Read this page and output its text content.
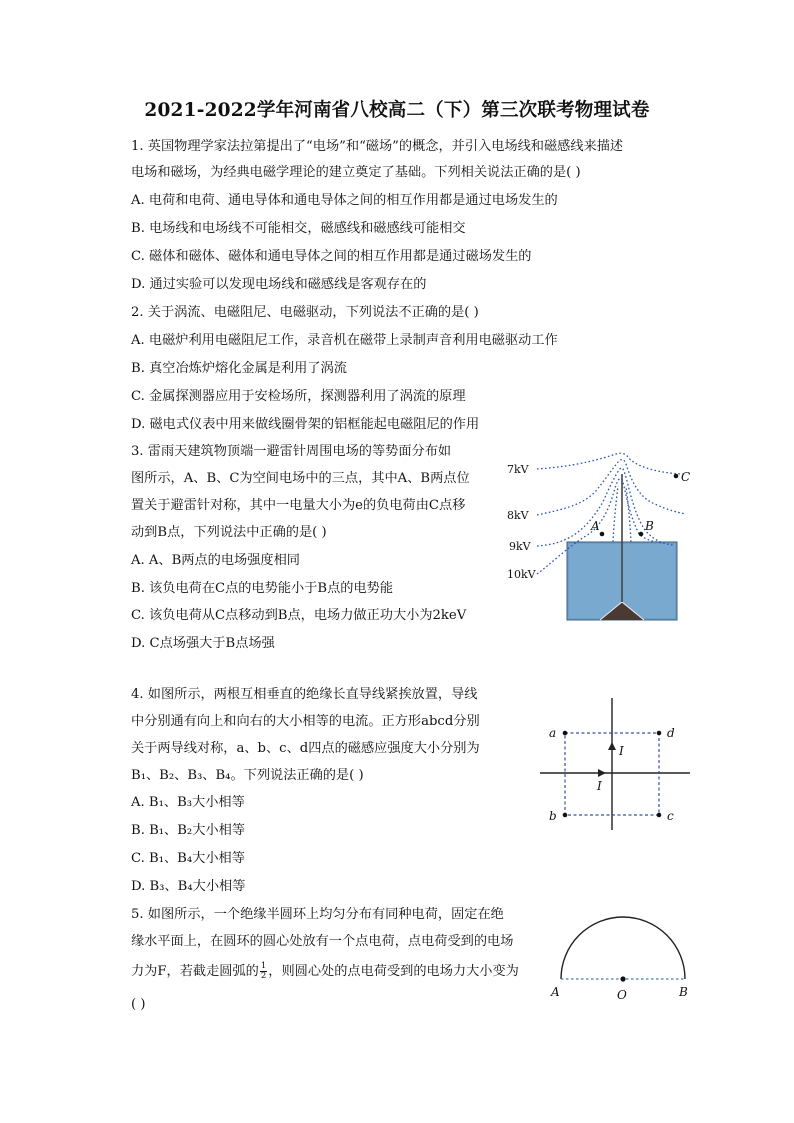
2021-2022学年河南省八校高二（下）第三次联考物理试卷
1. 英国物理学家法拉第提出了“电场”和“磁场”的概念，并引入电场线和磁感线来描述
电场和磁场，为经典电磁学理论的建立奠定了基础。下列相关说法正确的是( )
A. 电荷和电荷、通电导体和通电导体之间的相互作用都是通过电场发生的
B. 电场线和电场线不可能相交，磁感线和磁感线可能相交
C. 磁体和磁体、磁体和通电导体之间的相互作用都是通过磁场发生的
D. 通过实验可以发现电场线和磁感线是客观存在的
2. 关于涡流、电磁阻尼、电磁驱动，下列说法不正确的是( )
A. 电磁炉利用电磁阻尼工作，录音机在磁带上录制声音利用电磁驱动工作
B. 真空冶炼炉熔化金属是利用了涡流
C. 金属探测器应用于安检场所，探测器利用了涡流的原理
D. 磁电式仪表中用来做线圈骨架的铝框能起电磁阻尼的作用
3. 雷雨天建筑物顶端一避雷针周围电场的等势面分布如
图所示，A、B、C为空间电场中的三点，其中A、B两点位
置关于避雷针对称，其中一电量大小为e的负电荷由C点移
动到B点，下列说法中正确的是( )
A. A、B两点的电场强度相同
B. 该负电荷在C点的电势能小于B点的电势能
C. 该负电荷从C点移动到B点，电场力做正功大小为2keV
D. C点场强大于B点场强
7kV
8kV
9kV
10kV
A	B
C
4. 如图所示，两根互相垂直的绝缘长直导线紧挨放置，导线
中分别通有向上和向右的大小相等的电流。正方形abcd分别
关于两导线对称，a、b、c、d四点的磁感应强度大小分别为
B₁、B₂、B₃、B₄。下列说法正确的是( )
A. B₁、B₃大小相等
B. B₁、B₂大小相等
C. B₁、B₄大小相等
D. B₃、B₄大小相等
I
I
a	d
b	c
5. 如图所示，一个绝缘半圆环上均匀分布有同种电荷，固定在绝
缘水平面上，在圆环的圆心处放有一个点电荷，点电荷受到的电场
力为F，若截走圆弧的 $\frac{1}{2}$ ，则圆心处的点电荷受到的电场力大小变为
( )
A	O	B
